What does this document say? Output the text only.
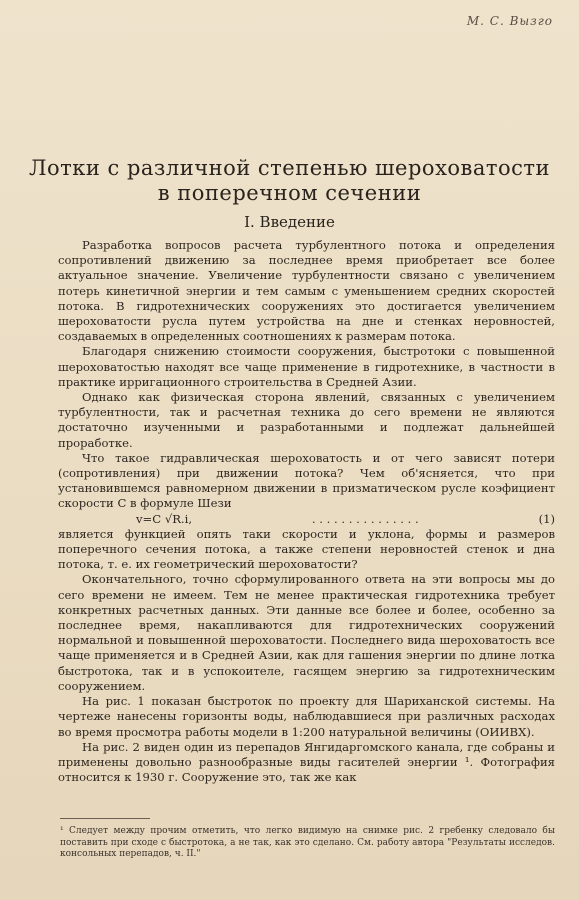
М. С. Вызго
Лотки с различной степенью шероховатости
в поперечном сечении
I. Введение

Разработка вопросов расчета турбулентного потока и определения сопротивлений движению за последнее время приобретает все более актуальное значение. Увеличение турбулентности связано с увеличением потерь кинетичной энергии и тем самым с уменьшением средних скоростей потока. В гидротехнических сооружениях это достигается увеличением шероховатости русла путем устройства на дне и стенках неровностей, создаваемых в определенных соотношениях к размерам потока.

Благодаря снижению стоимости сооружения, быстротоки с повышенной шероховатостью находят все чаще применение в гидротехнике, в частности в практике ирригационного строительства в Средней Азии.

Однако как физическая сторона явлений, связанных с увеличением турбулентности, так и расчетная техника до сего времени не являются достаточно изученными и разработанными и подлежат дальнейшей проработке.

Что такое гидравлическая шероховатость и от чего зависят потери (сопротивления) при движении потока? Чем об'ясняется, что при установившемся равномерном движении в призматическом русле коэфициент скорости C в формуле Шези

v=C √R.i,	. . . . . . . . . . . . . . .	(1)

является функцией опять таки скорости и уклона, формы и размеров поперечного сечения потока, а также степени неровностей стенок и дна потока, т. е. их геометрический шероховатости?

Окончательного, точно сформулированного ответа на эти вопросы мы до сего времени не имеем. Тем не менее практическая гидротехника требует конкретных расчетных данных. Эти данные все более и более, особенно за последнее время, накапливаются для гидротехнических сооружений нормальной и повышенной шероховатости. Последнего вида шероховатость все чаще применяется и в Средней Азии, как для гашения энергии по длине лотка быстротока, так и в успокоителе, гасящем энергию за гидротехническим сооружением.

На рис. 1 показан быстроток по проекту для Шариханской системы. На чертеже нанесены горизонты воды, наблюдавшиеся при различных расходах во время просмотра работы модели в 1:200 натуральной величины (ОИИВХ).

На рис. 2 виден один из перепадов Янгидаргомского канала, где собраны и применены довольно разнообразные виды гасителей энергии ¹. Фотография относится к 1930 г. Сооружение это, так же как

¹ Следует между прочим отметить, что легко видимую на снимке рис. 2 гребенку следовало бы поставить при сходе с быстротока, а не так, как это сделано. См. работу автора "Результаты исследов. консольных перепадов, ч. II."
